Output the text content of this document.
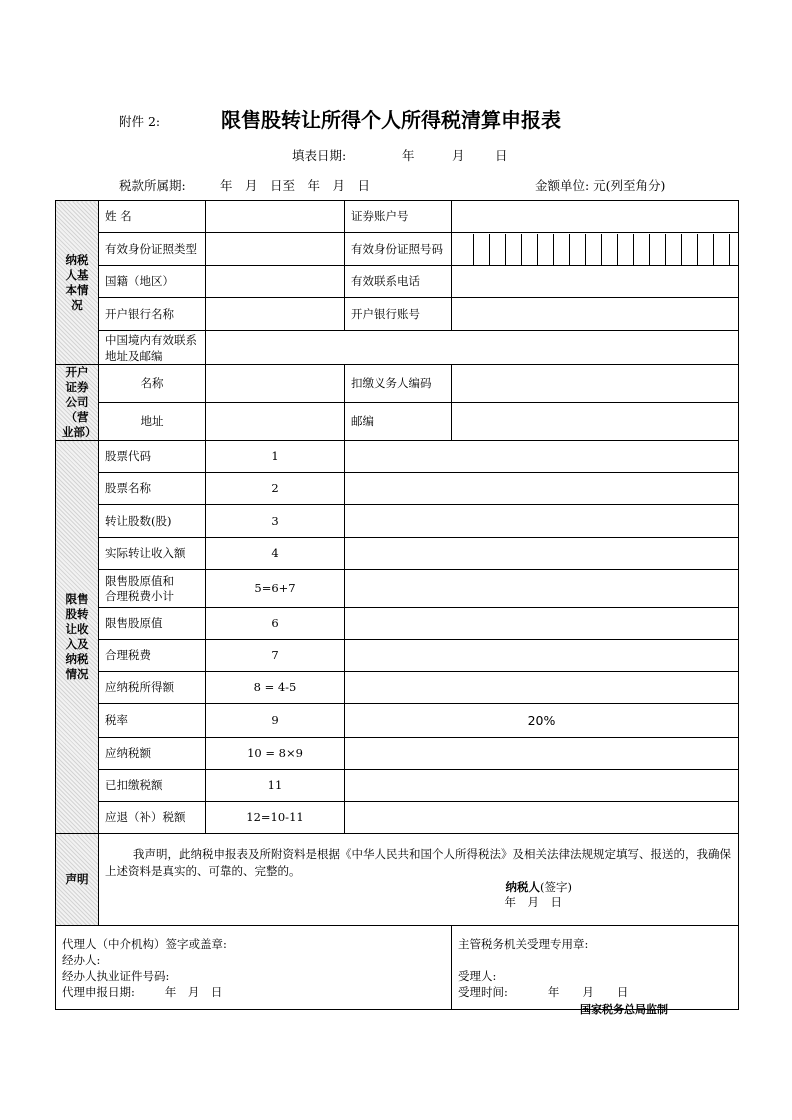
附件 2:	限售股转让所得个人所得税清算申报表
填表日期:	年	月 日
税款所属期:	年　月　日至　年　月　日	金额单位: 元(列至角分)
纳税人基本情况	姓 名		证券账户号	
	有效身份证照类型		有效身份证照号码	

	国籍（地区）		有效联系电话	
	开户银行名称		开户银行账号	

	中国境内有效联系
地址及邮编			

开户证券公司（营业部）	名称		扣缴义务人编码	
	地址		邮编	
限售股转让收入及纳税情况	股票代码	1		
	股票名称	2		
	转让股数(股)	3		
	实际转让收入额	4		
	限售股原值和
合理税费小计	5=6+7		
	限售股原值	6		
	合理税费	7		
	应纳税所得额	8 = 4-5		
	税率	9	20%	
	应纳税额	10 = 8×9		
	已扣缴税额	11		
	应退（补）税额	12=10-11		
声明	我声明，此纳税申报表及所附资料是根据《中华人民共和国个人所得税法》及相关法律法规规定填写、报送的，我确保上述资料是真实的、可靠的、完整的。

纳税人(签字)
年　月　日			

代理人（中介机构）签字或盖章:
经办人:
经办人执业证件号码:
代理申报日期: 年　月　日				主管税务机关受理专用章:

受理人:
受理时间: 年　　月　　日
国家税务总局监制
